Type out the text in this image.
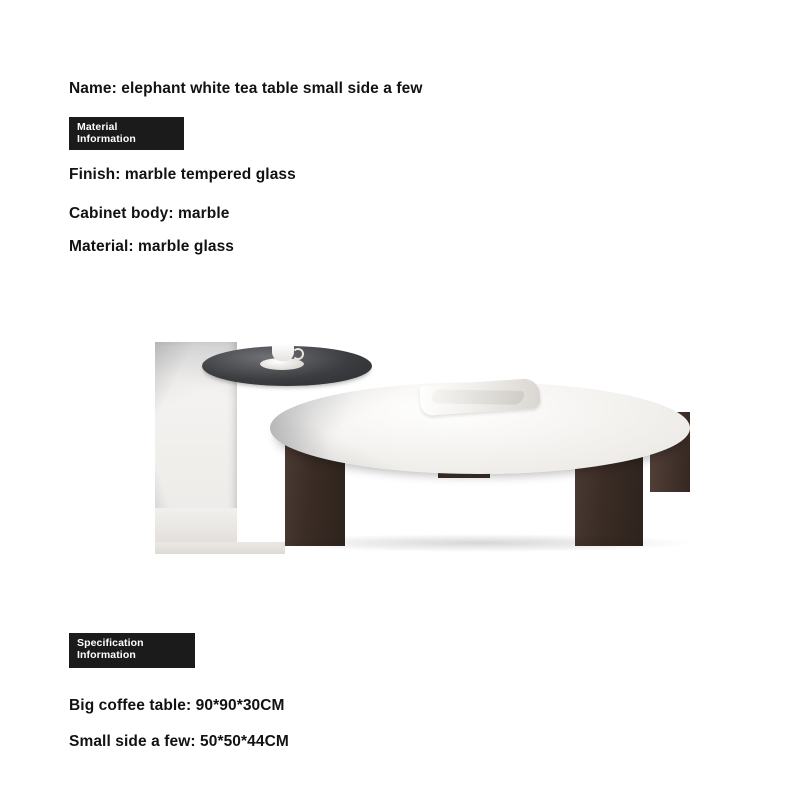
Name: elephant white tea table small side a few
Material
Information
Finish: marble tempered glass
Cabinet body: marble
Material: marble glass
Specification
Information
Big coffee table: 90*90*30CM
Small side a few: 50*50*44CM
